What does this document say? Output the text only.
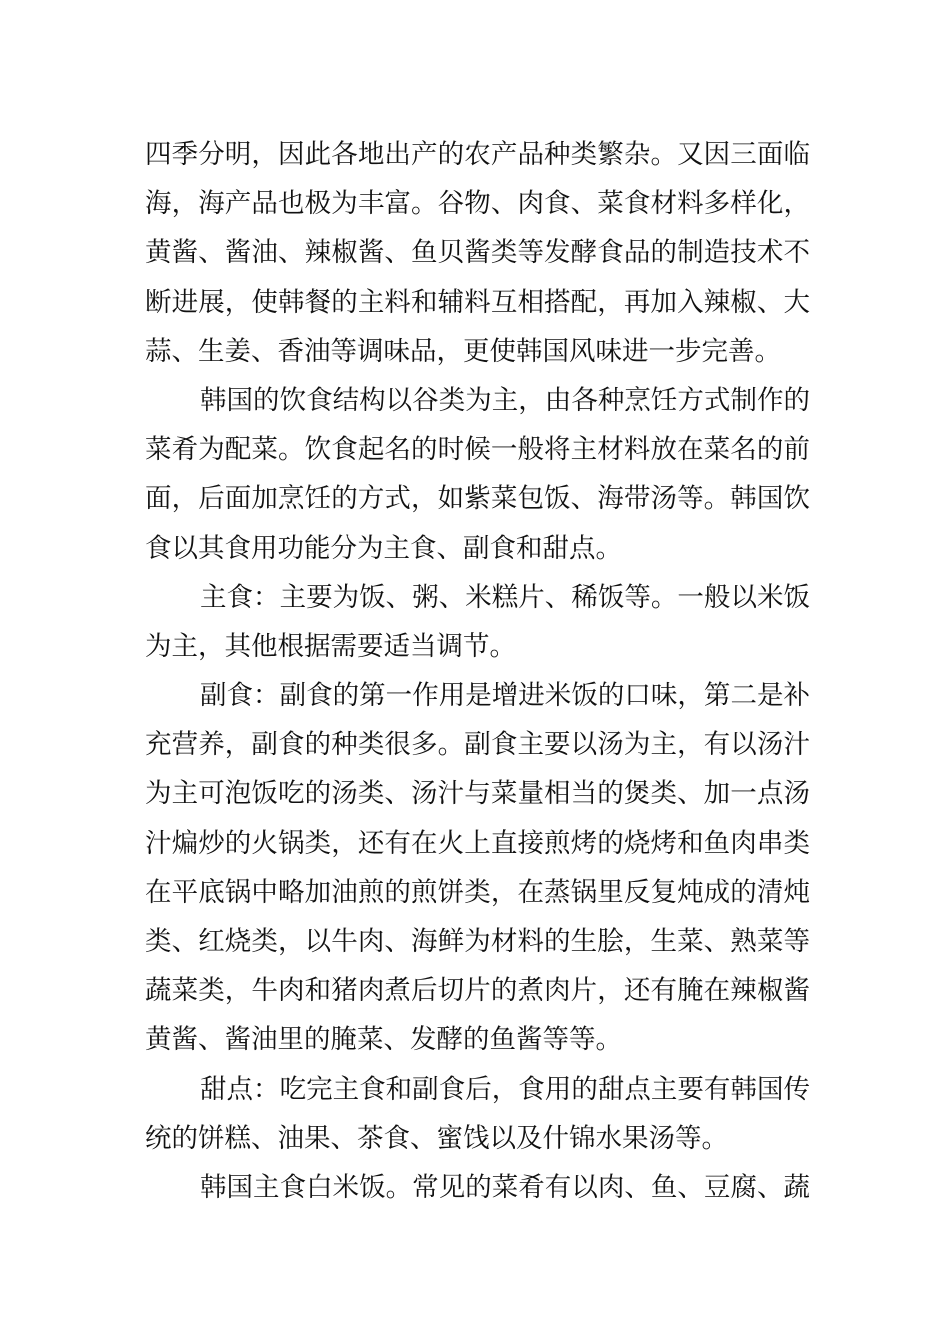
四季分明，因此各地出产的农产品种类繁杂。又因三面临
海，海产品也极为丰富。谷物、肉食、菜食材料多样化，
黄酱、酱油、辣椒酱、鱼贝酱类等发酵食品的制造技术不
断进展，使韩餐的主料和辅料互相搭配，再加入辣椒、大
蒜、生姜、香油等调味品，更使韩国风味进一步完善。
韩国的饮食结构以谷类为主，由各种烹饪方式制作的
菜肴为配菜。饮食起名的时候一般将主材料放在菜名的前
面，后面加烹饪的方式，如紫菜包饭、海带汤等。韩国饮
食以其食用功能分为主食、副食和甜点。
主食：主要为饭、粥、米糕片、稀饭等。一般以米饭
为主，其他根据需要适当调节。
副食：副食的第一作用是增进米饭的口味，第二是补
充营养，副食的种类很多。副食主要以汤为主，有以汤汁
为主可泡饭吃的汤类、汤汁与菜量相当的煲类、加一点汤
汁煸炒的火锅类，还有在火上直接煎烤的烧烤和鱼肉串类
在平底锅中略加油煎的煎饼类，在蒸锅里反复炖成的清炖
类、红烧类，以牛肉、海鲜为材料的生脍，生菜、熟菜等
蔬菜类，牛肉和猪肉煮后切片的煮肉片，还有腌在辣椒酱
黄酱、酱油里的腌菜、发酵的鱼酱等等。
甜点：吃完主食和副食后，食用的甜点主要有韩国传
统的饼糕、油果、茶食、蜜饯以及什锦水果汤等。
韩国主食白米饭。常见的菜肴有以肉、鱼、豆腐、蔬
